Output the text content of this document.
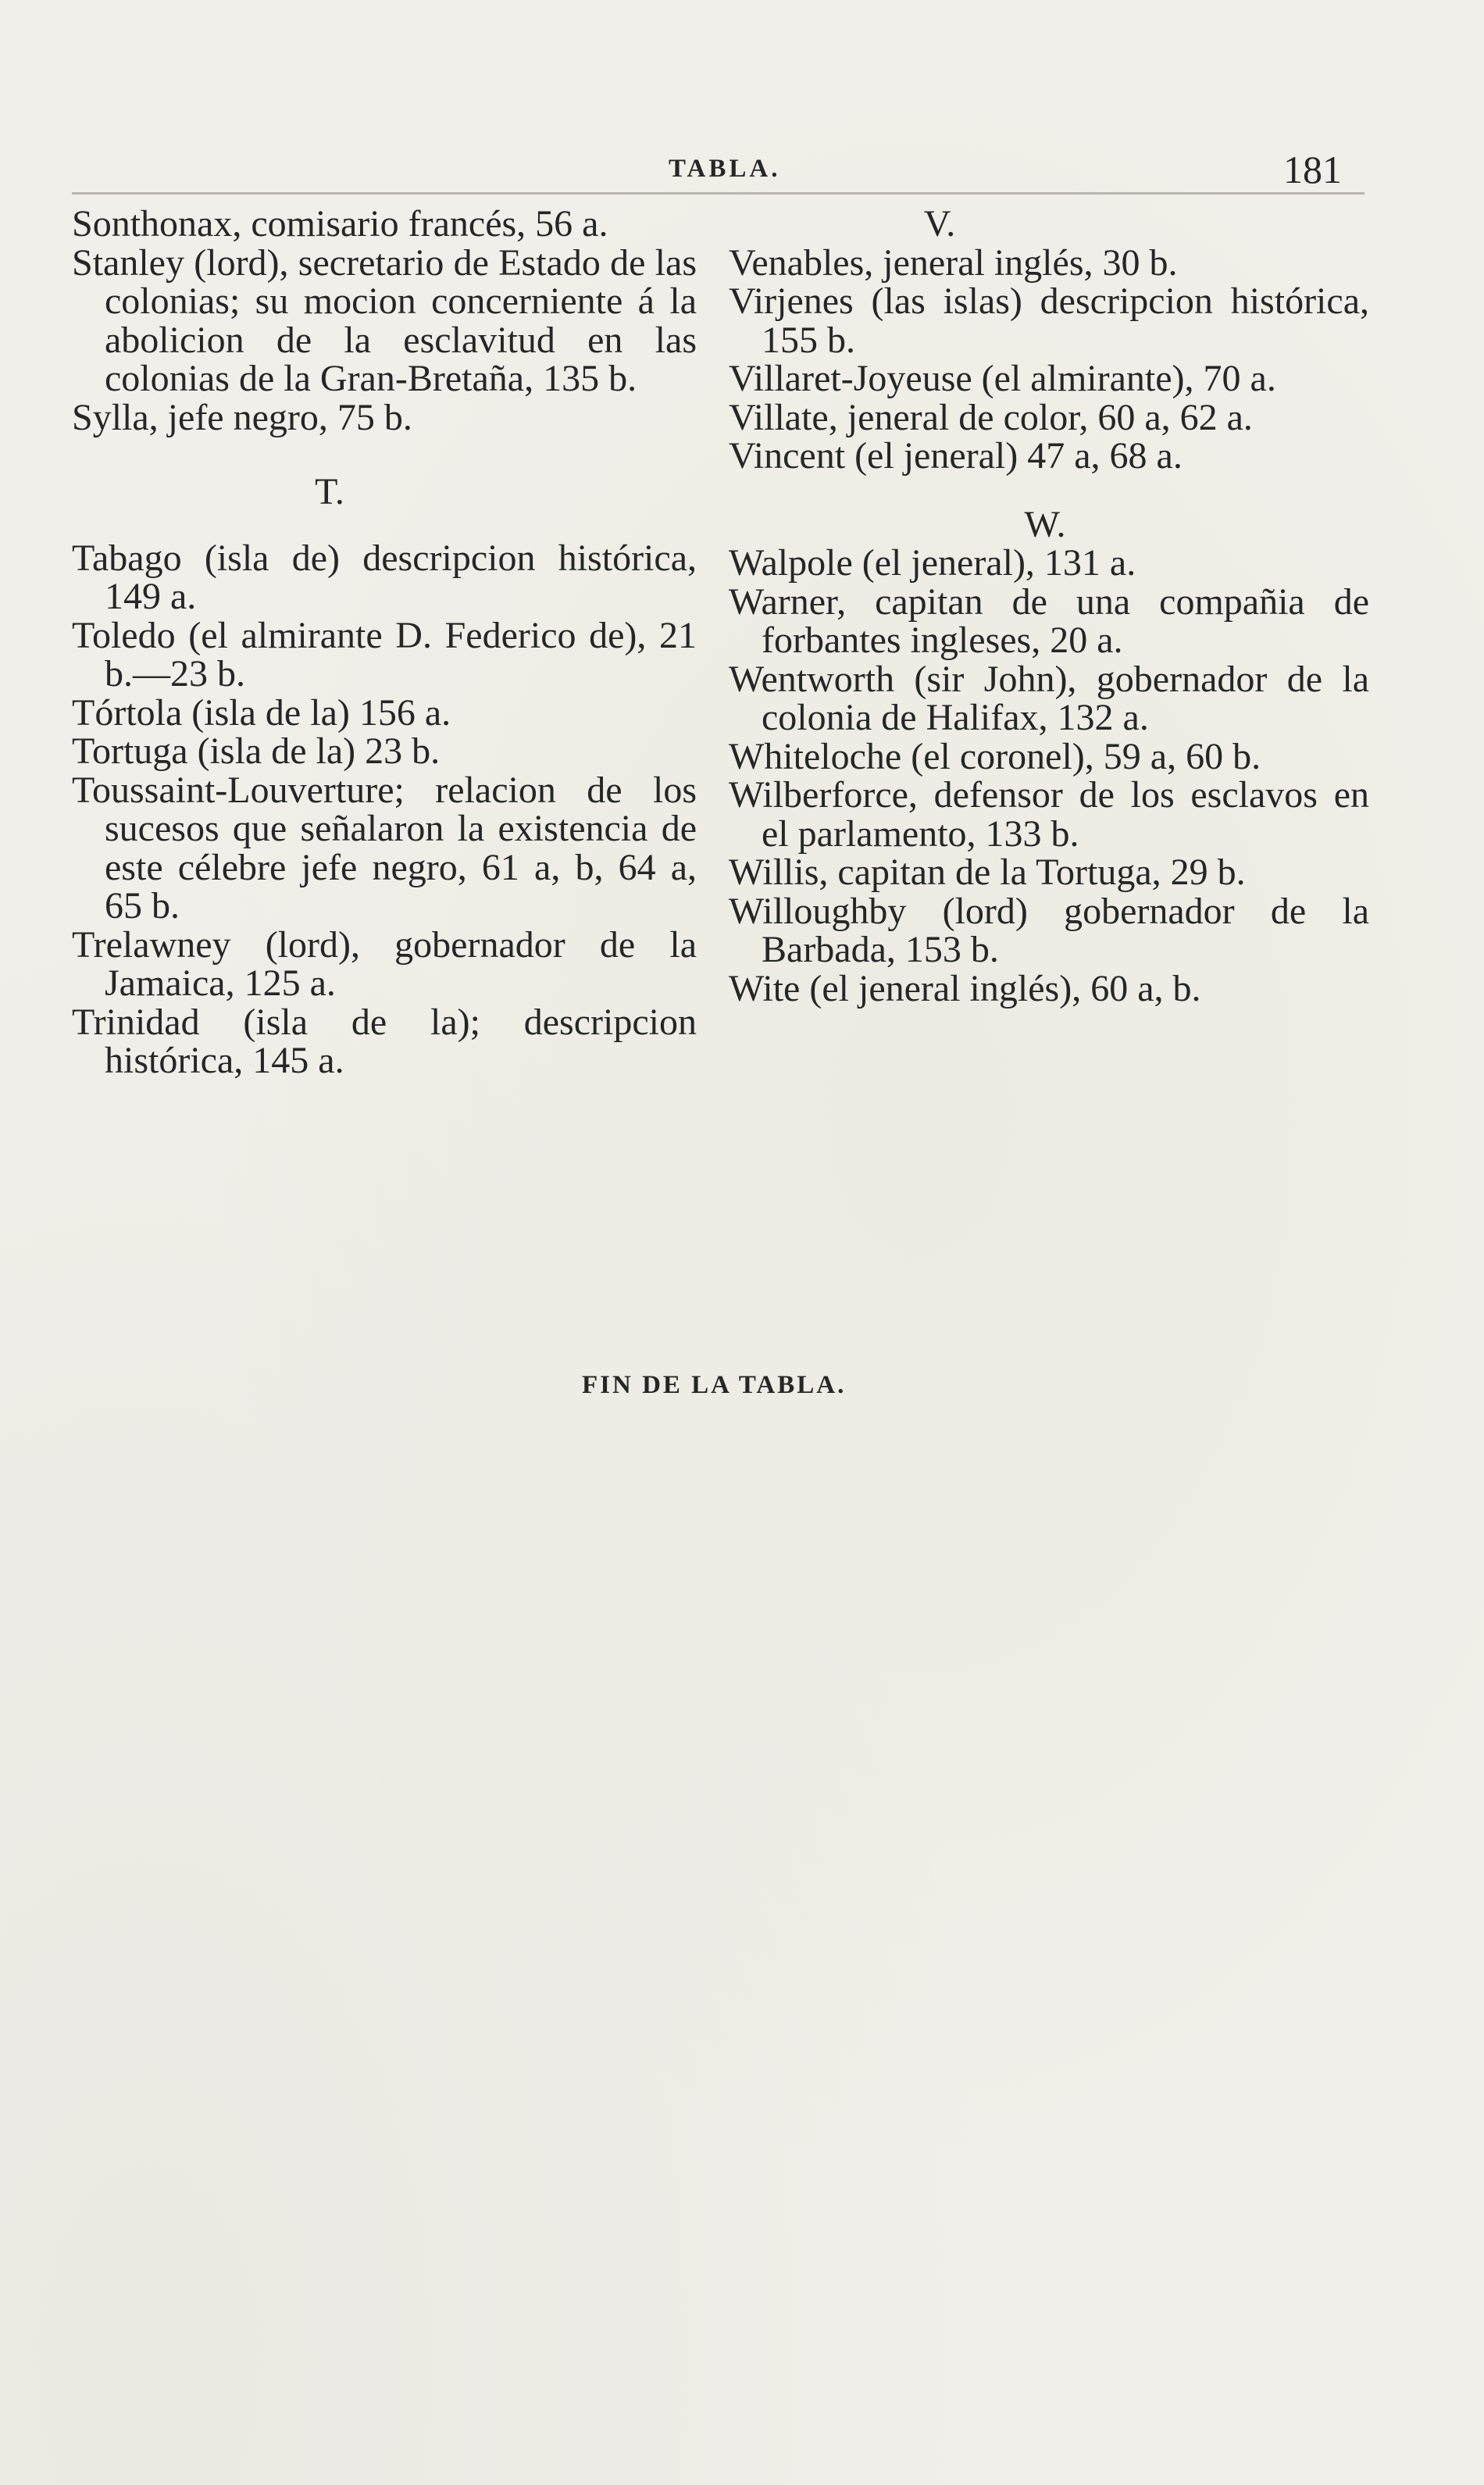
TABLA.	181
Sonthonax, comisario francés, 56 a.
Stanley (lord), secretario de Estado de las colonias; su mocion concerniente á la abolicion de la esclavitud en las colonias de la Gran-Bretaña, 135 b.
Sylla, jefe negro, 75 b.
T.
Tabago (isla de) descripcion histórica, 149 a.
Toledo (el almirante D. Federico de), 21 b.—23 b.
Tórtola (isla de la) 156 a.
Tortuga (isla de la) 23 b.
Toussaint-Louverture; relacion de los sucesos que señalaron la existencia de este célebre jefe negro, 61 a, b, 64 a, 65 b.
Trelawney (lord), gobernador de la Jamaica, 125 a.
Trinidad (isla de la); descripcion histórica, 145 a.
V.
Venables, jeneral inglés, 30 b.
Virjenes (las islas) descripcion histórica, 155 b.
Villaret-Joyeuse (el almirante), 70 a.
Villate, jeneral de color, 60 a, 62 a.
Vincent (el jeneral) 47 a, 68 a.
W.
Walpole (el jeneral), 131 a.
Warner, capitan de una compañia de forbantes ingleses, 20 a.
Wentworth (sir John), gobernador de la colonia de Halifax, 132 a.
Whiteloche (el coronel), 59 a, 60 b.
Wilberforce, defensor de los esclavos en el parlamento, 133 b.
Willis, capitan de la Tortuga, 29 b.
Willoughby (lord) gobernador de la Barbada, 153 b.
Wite (el jeneral inglés), 60 a, b.
FIN DE LA TABLA.
